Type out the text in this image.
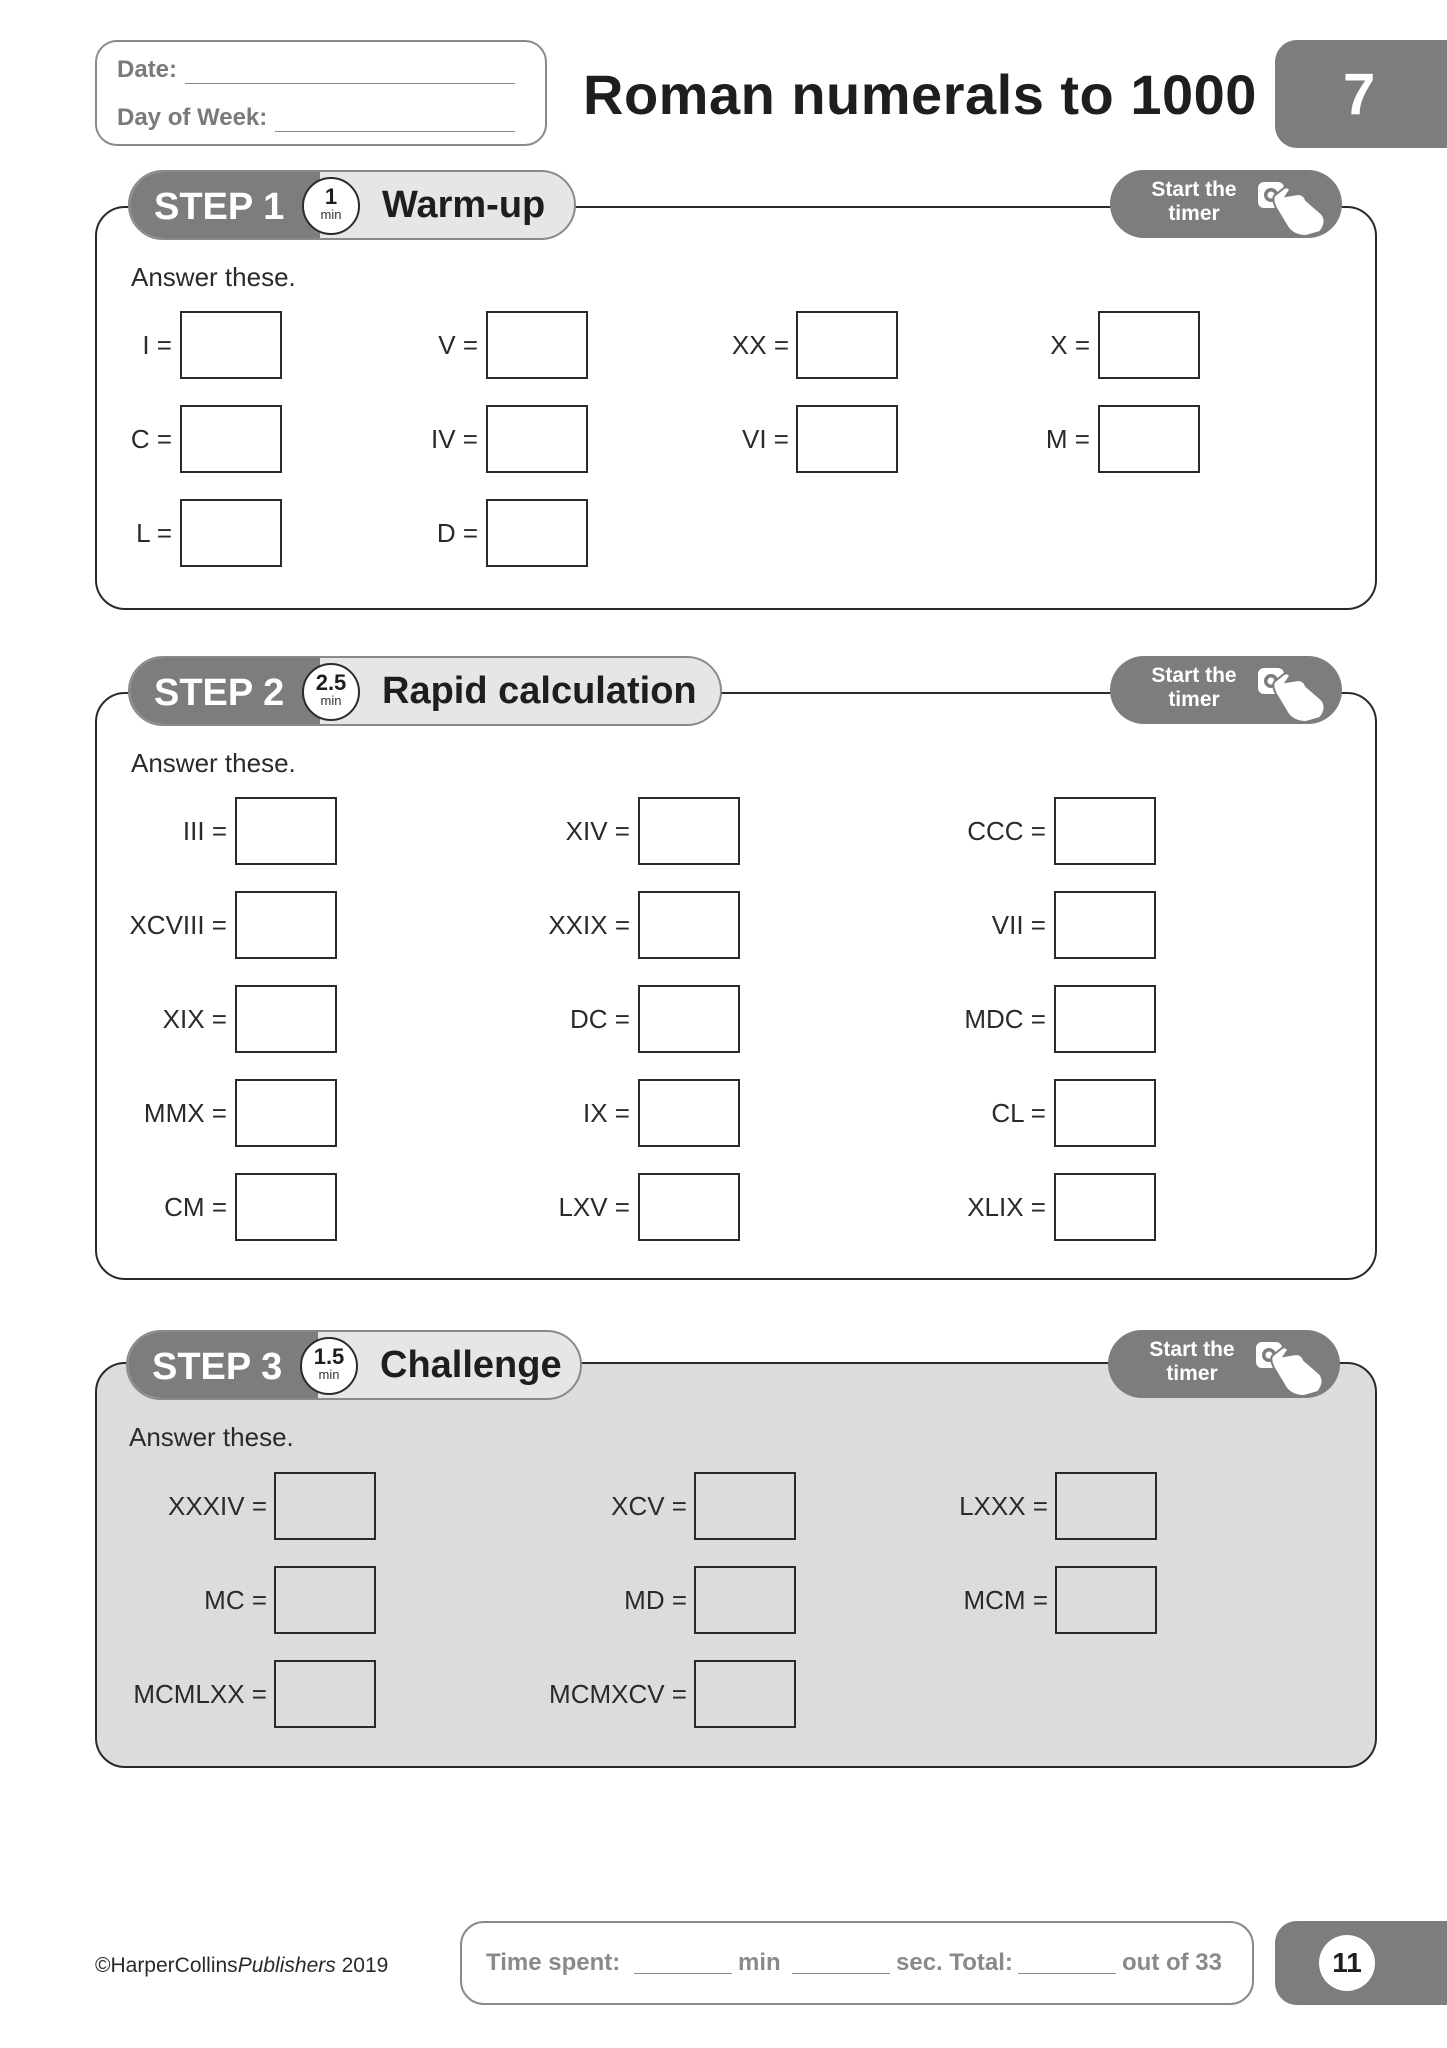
Date:
Day of Week:	Roman numerals to 1000 7
STEP 1	1
min	Warm-up	Start the
timer
Answer these.
I =	V =	XX =	X =
C =	IV =	VI =	M =
L =	D =
STEP 2	2.5
min	Rapid calculation	Start the
timer
Answer these.
III =	XIV =	CCC =
XCVIII =	XXIX =	VII =
XIX =	DC =	MDC =
MMX =	IX =	CL =
CM =	LXV =	XLIX =
STEP 3	1.5
min	Challenge	Start the
timer
Answer these.
XXXIV =	XCV =	LXXX =
MC =	MD =	MCM =
MCMLXX =	MCMXCV =
©HarperCollinsPublishers 2019	Time spent:	min	sec. Total:	out of 33	11
